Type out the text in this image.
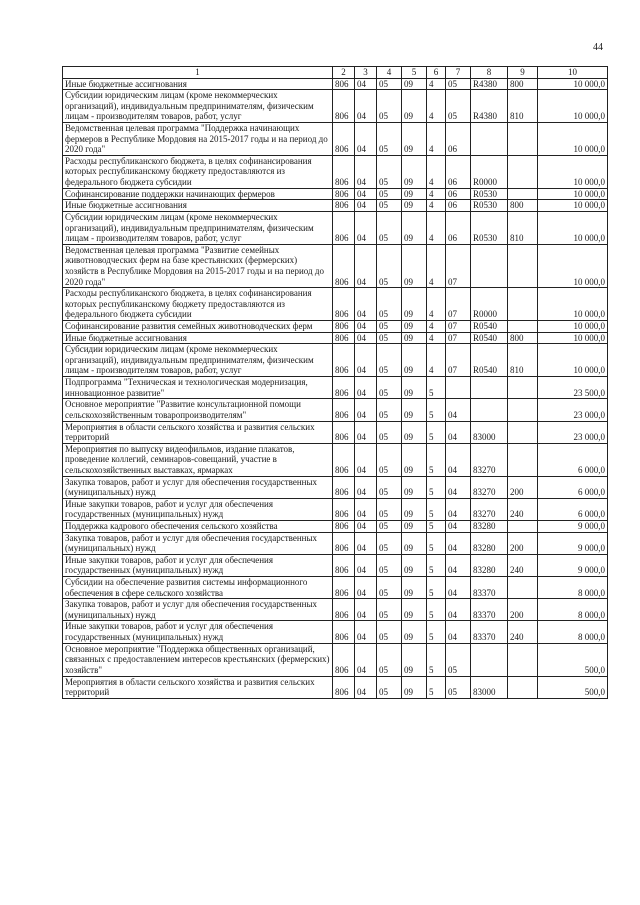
44
1	2	3	4	5	6	7	8	9	10
Иные бюджетные ассигнования	806	04	05	09	4	05	R4380	800	10 000,0
Субсидии юридическим лицам (кроме некоммерческих организаций), индивидуальным предпринимателям, физическим лицам - производителям товаров, работ, услуг	806	04	05	09	4	05	R4380	810	10 000,0
Ведомственная целевая программа "Поддержка начинающих фермеров в Республике Мордовия на 2015-2017 годы и на период до 2020 года"	806	04	05	09	4	06			10 000,0
Расходы республиканского бюджета, в целях софинансирования которых республиканскому бюджету предоставляются из федерального бюджета субсидии	806	04	05	09	4	06	R0000		10 000,0
Софинансирование поддержки начинающих фермеров	806	04	05	09	4	06	R0530		10 000,0
Иные бюджетные ассигнования	806	04	05	09	4	06	R0530	800	10 000,0
Субсидии юридическим лицам (кроме некоммерческих организаций), индивидуальным предпринимателям, физическим лицам - производителям товаров, работ, услуг	806	04	05	09	4	06	R0530	810	10 000,0
Ведомственная целевая программа "Развитие семейных животноводческих ферм на базе крестьянских (фермерских) хозяйств в Республике Мордовия на 2015-2017 годы и на период до 2020 года"	806	04	05	09	4	07			10 000,0
Расходы республиканского бюджета, в целях софинансирования которых республиканскому бюджету предоставляются из федерального бюджета субсидии	806	04	05	09	4	07	R0000		10 000,0
Софинансирование развития семейных животноводческих ферм	806	04	05	09	4	07	R0540		10 000,0
Иные бюджетные ассигнования	806	04	05	09	4	07	R0540	800	10 000,0
Субсидии юридическим лицам (кроме некоммерческих организаций), индивидуальным предпринимателям, физическим лицам - производителям товаров, работ, услуг	806	04	05	09	4	07	R0540	810	10 000,0
Подпрограмма "Техническая и технологическая модернизация, инновационное развитие"	806	04	05	09	5				23 500,0
Основное мероприятие "Развитие консультационной помощи сельскохозяйственным товаропроизводителям"	806	04	05	09	5	04			23 000,0
Мероприятия в области сельского хозяйства и развития сельских территорий	806	04	05	09	5	04	83000		23 000,0
Мероприятия по выпуску видеофильмов, издание плакатов, проведение коллегий, семинаров-совещаний, участие в сельскохозяйственных выставках, ярмарках	806	04	05	09	5	04	83270		6 000,0
Закупка товаров, работ и услуг для обеспечения государственных (муниципальных) нужд	806	04	05	09	5	04	83270	200	6 000,0
Иные закупки товаров, работ и услуг для обеспечения государственных (муниципальных) нужд	806	04	05	09	5	04	83270	240	6 000,0
Поддержка кадрового обеспечения сельского хозяйства	806	04	05	09	5	04	83280		9 000,0
Закупка товаров, работ и услуг для обеспечения государственных (муниципальных) нужд	806	04	05	09	5	04	83280	200	9 000,0
Иные закупки товаров, работ и услуг для обеспечения государственных (муниципальных) нужд	806	04	05	09	5	04	83280	240	9 000,0
Субсидии на обеспечение развития системы информационного обеспечения в сфере сельского хозяйства	806	04	05	09	5	04	83370		8 000,0
Закупка товаров, работ и услуг для обеспечения государственных (муниципальных) нужд	806	04	05	09	5	04	83370	200	8 000,0
Иные закупки товаров, работ и услуг для обеспечения государственных (муниципальных) нужд	806	04	05	09	5	04	83370	240	8 000,0
Основное мероприятие "Поддержка общественных организаций, связанных с предоставлением интересов крестьянских (фермерских) хозяйств"	806	04	05	09	5	05			500,0
Мероприятия в области сельского хозяйства и развития сельских территорий	806	04	05	09	5	05	83000		500,0
